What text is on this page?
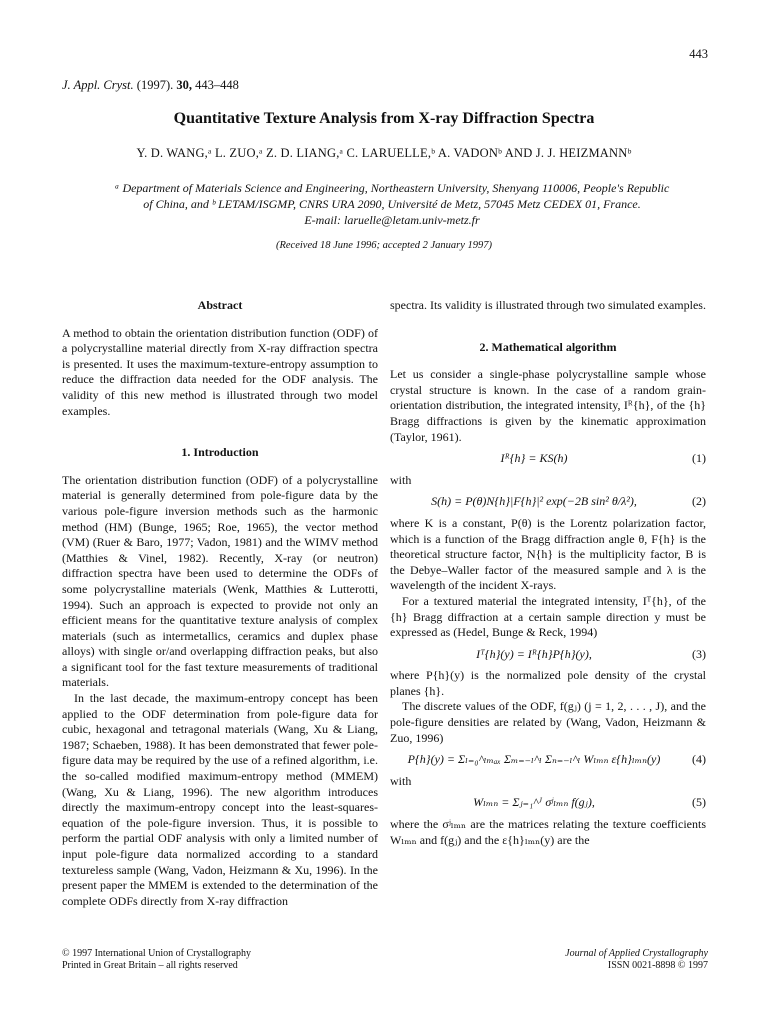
443
J. Appl. Cryst. (1997). 30, 443–448
Quantitative Texture Analysis from X-ray Diffraction Spectra
Y. D. WANG,ᵃ L. ZUO,ᵃ Z. D. LIANG,ᵃ C. LARUELLE,ᵇ A. VADONᵇ AND J. J. HEIZMANNᵇ
ᵃ Department of Materials Science and Engineering, Northeastern University, Shenyang 110006, People's Republic
of China, and ᵇ LETAM/ISGMP, CNRS URA 2090, Université de Metz, 57045 Metz CEDEX 01, France.
E-mail: laruelle@letam.univ-metz.fr
(Received 18 June 1996; accepted 2 January 1997)
Abstract

A method to obtain the orientation distribution function (ODF) of a polycrystalline material directly from X-ray diffraction spectra is presented. It uses the maximum-texture-entropy assumption to reduce the diffraction data needed for the ODF analysis. The validity of this new method is illustrated through two model examples.

1. Introduction

The orientation distribution function (ODF) of a polycrystalline material is generally determined from pole-figure data by the various pole-figure inversion methods such as the harmonic method (HM) (Bunge, 1965; Roe, 1965), the vector method (VM) (Ruer & Baro, 1977; Vadon, 1981) and the WIMV method (Matthies & Vinel, 1982). Recently, X-ray (or neutron) diffraction spectra have been used to determine the ODFs of some polycrystalline materials (Wenk, Matthies & Lutterotti, 1994). Such an approach is expected to provide not only an efficient means for the quantitative texture analysis of complex materials (such as intermetallics, ceramics and duplex phase alloys) with single or/and overlapping diffraction peaks, but also a significant tool for the fast texture measurements of traditional materials.

In the last decade, the maximum-entropy concept has been applied to the ODF determination from pole-figure data for cubic, hexagonal and tetragonal materials (Wang, Xu & Liang, 1987; Schaeben, 1988). It has been demonstrated that fewer pole-figure data may be required by the use of a refined algorithm, i.e. the so-called modified maximum-entropy method (MMEM) (Wang, Xu & Liang, 1996). The new algorithm introduces directly the maximum-entropy concept into the least-squares-equation of the pole-figure inversion. Thus, it is possible to perform the partial ODF analysis with only a limited number of input pole-figure data normalized according to a standard textureless sample (Wang, Vadon, Heizmann & Xu, 1996). In the present paper the MMEM is extended to the determination of the complete ODFs directly from X-ray diffraction

spectra. Its validity is illustrated through two simulated examples.

2. Mathematical algorithm

Let us consider a single-phase polycrystalline sample whose crystal structure is known. In the case of a random grain-orientation distribution, the integrated intensity, Iᴿ{h}, of the {h} Bragg diffractions is given by the kinematic approximation (Taylor, 1961).

Iᴿ{h} = KS(h)	(1)
with
S(h) = P(θ)N{h}|F{h}|² exp(−2B sin² θ/λ²),	(2)

where K is a constant, P(θ) is the Lorentz polarization factor, which is a function of the Bragg diffraction angle θ, F{h} is the theoretical structure factor, N{h} is the multiplicity factor, B is the Debye–Waller factor of the measured sample and λ is the wavelength of the incident X-rays.

For a textured material the integrated intensity, Iᵀ{h}, of the {h} Bragg diffraction at a certain sample direction y must be expressed as (Hedel, Bunge & Reck, 1994)

Iᵀ{h}(y) = Iᴿ{h}P{h}(y),	(3)

where P{h}(y) is the normalized pole density of the crystal planes {h}.

The discrete values of the ODF, f(gⱼ) (j = 1, 2, . . . , J), and the pole-figure densities are related by (Wang, Vadon, Heizmann & Zuo, 1996)

P{h}(y) = Σₗ₌₀^ₗₘₐₓ Σₘ₌₋ₗ^ₗ Σₙ₌₋ₗ^ₗ Wₗₘₙ ε{h}ₗₘₙ(y)	(4)
with
Wₗₘₙ = Σⱼ₌₁^ᴶ σʲₗₘₙ f(gⱼ),	(5)

where the σʲₗₘₙ are the matrices relating the texture coefficients Wₗₘₙ and f(gⱼ) and the ε{h}ₗₘₙ(y) are the

© 1997 International Union of Crystallography
Printed in Great Britain – all rights reserved
Journal of Applied Crystallography
ISSN 0021-8898 © 1997
